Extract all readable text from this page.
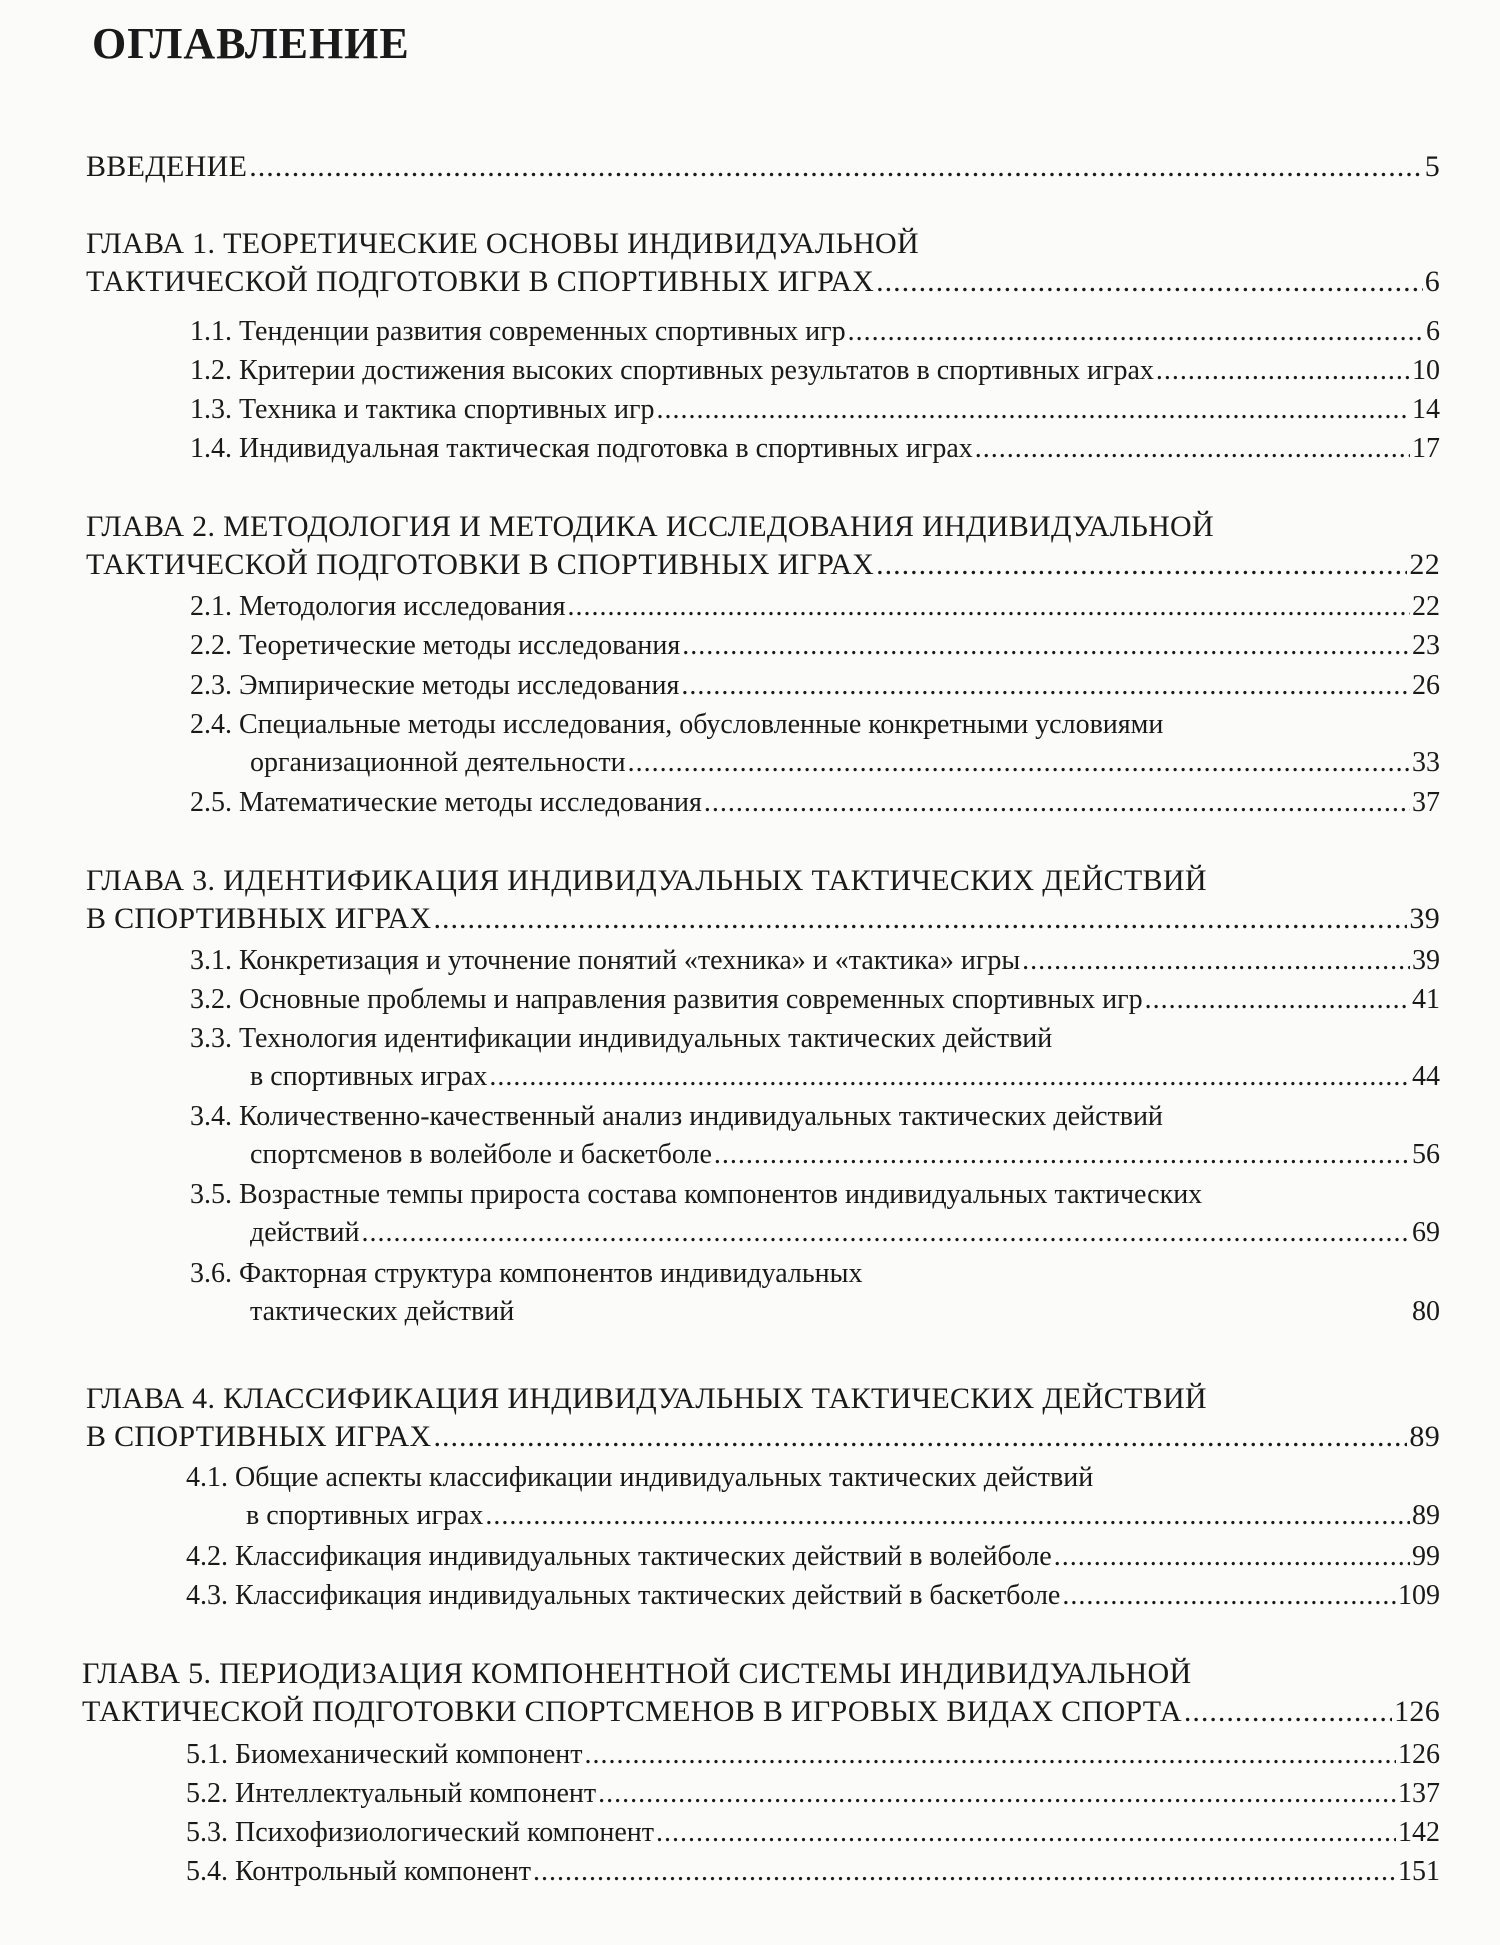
ОГЛАВЛЕНИЕ
ВВЕДЕНИЕ .....	5
ГЛАВА 1. ТЕОРЕТИЧЕСКИЕ ОСНОВЫ ИНДИВИДУАЛЬНОЙ
ТАКТИЧЕСКОЙ ПОДГОТОВКИ В СПОРТИВНЫХ ИГРАХ .....	6
1.1. Тенденции развития современных спортивных игр .....	6
1.2. Критерии достижения высоких спортивных результатов в спортивных играх .....	10
1.3. Техника и тактика спортивных игр .....	14
1.4. Индивидуальная тактическая подготовка в спортивных играх .....	17
ГЛАВА 2. МЕТОДОЛОГИЯ И МЕТОДИКА ИССЛЕДОВАНИЯ ИНДИВИДУАЛЬНОЙ
ТАКТИЧЕСКОЙ ПОДГОТОВКИ В СПОРТИВНЫХ ИГРАХ .....	22
2.1. Методология исследования .....	22
2.2. Теоретические методы исследования .....	23
2.3. Эмпирические методы исследования .....	26
2.4. Специальные методы исследования, обусловленные конкретными условиями
организационной деятельности .....	33
2.5. Математические методы исследования .....	37
ГЛАВА 3. ИДЕНТИФИКАЦИЯ ИНДИВИДУАЛЬНЫХ ТАКТИЧЕСКИХ ДЕЙСТВИЙ
В СПОРТИВНЫХ ИГРАХ .....	39
3.1. Конкретизация и уточнение понятий «техника» и «тактика» игры .....	39
3.2. Основные проблемы и направления развития современных спортивных игр .....	41
3.3. Технология идентификации индивидуальных тактических действий
в спортивных играх .....	44
3.4. Количественно-качественный анализ индивидуальных тактических действий
спортсменов в волейболе и баскетболе .....	56
3.5. Возрастные темпы прироста состава компонентов индивидуальных тактических
действий .....	69
3.6. Факторная структура компонентов индивидуальных
тактических действий	80
ГЛАВА 4. КЛАССИФИКАЦИЯ ИНДИВИДУАЛЬНЫХ ТАКТИЧЕСКИХ ДЕЙСТВИЙ
В СПОРТИВНЫХ ИГРАХ .....	89
4.1. Общие аспекты классификации индивидуальных тактических действий
в спортивных играх .....	89
4.2. Классификация индивидуальных тактических действий в волейболе .....	99
4.3. Классификация индивидуальных тактических действий в баскетболе .....	109
ГЛАВА 5. ПЕРИОДИЗАЦИЯ КОМПОНЕНТНОЙ СИСТЕМЫ ИНДИВИДУАЛЬНОЙ
ТАКТИЧЕСКОЙ ПОДГОТОВКИ СПОРТСМЕНОВ В ИГРОВЫХ ВИДАХ СПОРТА .....	126
5.1. Биомеханический компонент .....	126
5.2. Интеллектуальный компонент .....	137
5.3. Психофизиологический компонент .....	142
5.4. Контрольный компонент .....	151
